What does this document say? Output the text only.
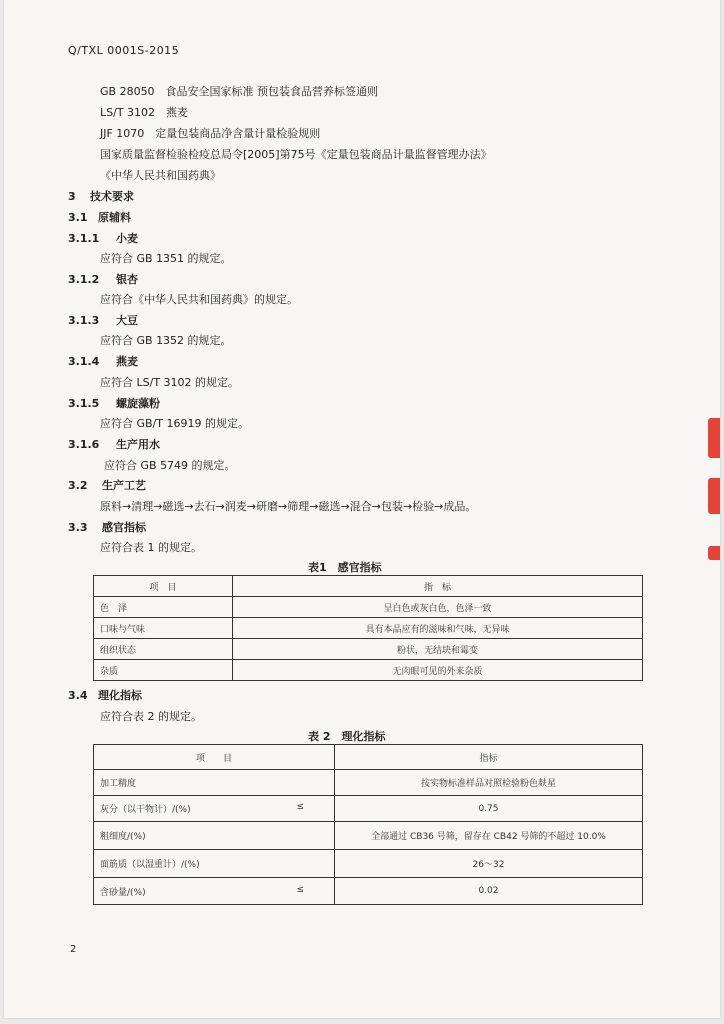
Q/TXL 0001S-2015
GB 28050　食品安全国家标准 预包装食品营养标签通则
LS/T 3102　燕麦
JJF 1070　定量包装商品净含量计量检验规则
国家质量监督检验检疫总局令[2005]第75号《定量包装商品计量监督管理办法》
《中华人民共和国药典》
3 技术要求
3.1 原辅料
3.1.1 小麦
应符合 GB 1351 的规定。
3.1.2 银杏
应符合《中华人民共和国药典》的规定。
3.1.3 大豆
应符合 GB 1352 的规定。
3.1.4 燕麦
应符合 LS/T 3102 的规定。
3.1.5 螺旋藻粉
应符合 GB/T 16919 的规定。
3.1.6 生产用水
应符合 GB 5749 的规定。
3.2 生产工艺
原料→清理→磁选→去石→润麦→研磨→筛理→磁选→混合→包装→检验→成品。
3.3 感官指标
应符合表 1 的规定。
表1　感官指标
项　目	指　标
色　泽	呈白色或灰白色，色泽一致
口味与气味	具有本品应有的滋味和气味，无异味
组织状态	粉状，无结块和霉变
杂质	无肉眼可见的外来杂质
3.4 理化指标
应符合表 2 的规定。
表 2　理化指标
项　　目	指标
加工精度	按实物标准样品对照检验粉色麸星
灰分（以干物计）/(%) ≤	0.75
粗细度/(%)	全部通过 CB36 号筛，留存在 CB42 号筛的不超过 10.0%
面筋质（以湿重计）/(%)	26～32
含砂量/(%) ≤	0.02
2
